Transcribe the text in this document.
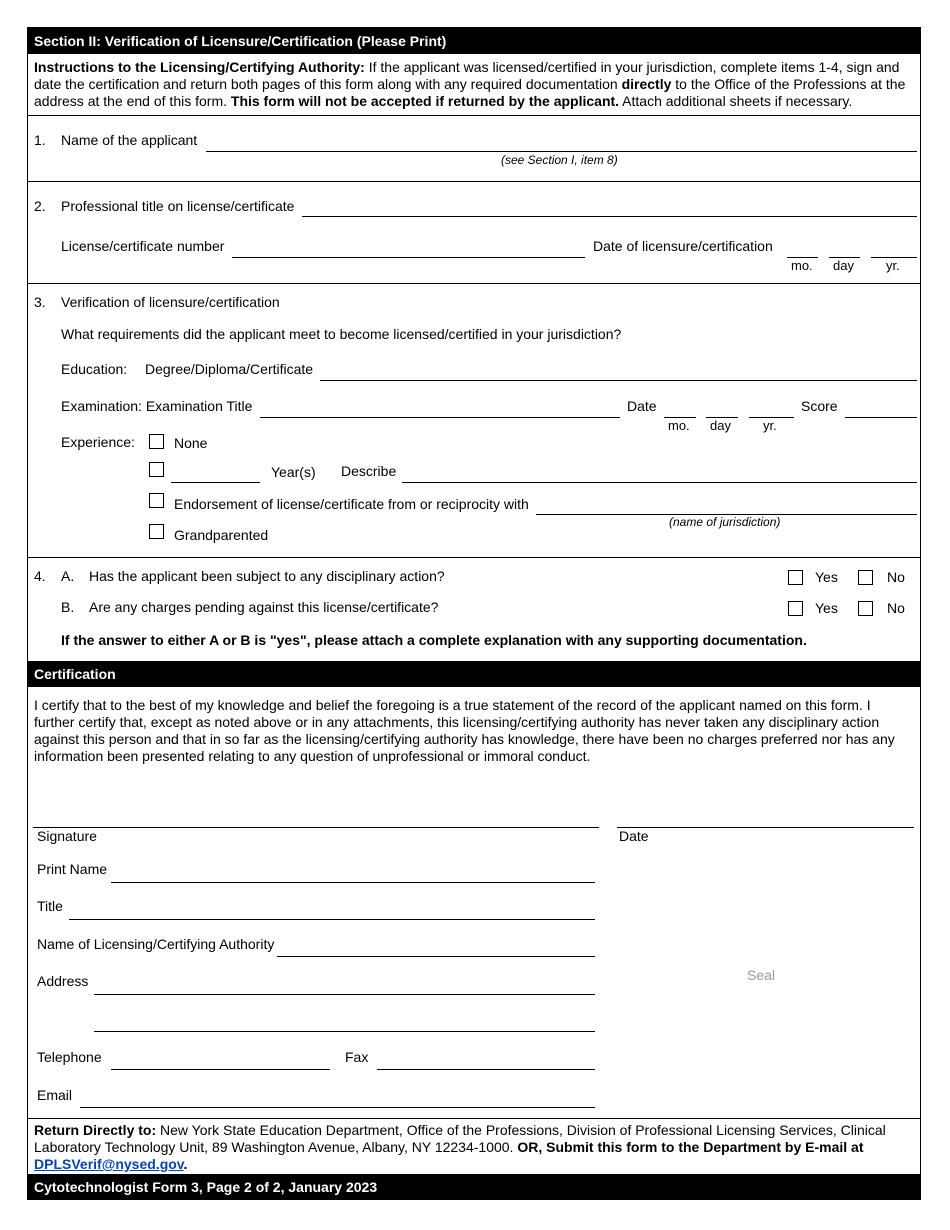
Section II: Verification of Licensure/Certification (Please Print)
Instructions to the Licensing/Certifying Authority: If the applicant was licensed/certified in your jurisdiction, complete items 1-4, sign and date the certification and return both pages of this form along with any required documentation directly to the Office of the Professions at the address at the end of this form. This form will not be accepted if returned by the applicant. Attach additional sheets if necessary.
1. Name of the applicant
(see Section I, item 8)
2. Professional title on license/certificate
License/certificate number	Date of licensure/certification
mo. day yr.
3. Verification of licensure/certification
What requirements did the applicant meet to become licensed/certified in your jurisdiction?
Education: Degree/Diploma/Certificate
Examination: Examination Title	Date
mo. day yr.
Score
Experience:	None
Year(s) Describe
Endorsement of license/certificate from or reciprocity with
(name of jurisdiction)
Grandparented
4. A. Has the applicant been subject to any disciplinary action?	Yes	No
B. Are any charges pending against this license/certificate?	Yes	No
If the answer to either A or B is "yes", please attach a complete explanation with any supporting documentation.
Certification
I certify that to the best of my knowledge and belief the foregoing is a true statement of the record of the applicant named on this form. I further certify that, except as noted above or in any attachments, this licensing/certifying authority has never taken any disciplinary action against this person and that in so far as the licensing/certifying authority has knowledge, there have been no charges preferred nor has any information been presented relating to any question of unprofessional or immoral conduct.
Signature	Date
Print Name
Title
Name of Licensing/Certifying Authority
Address	Seal
Telephone	Fax
Email
Return Directly to: New York State Education Department, Office of the Professions, Division of Professional Licensing Services, Clinical Laboratory Technology Unit, 89 Washington Avenue, Albany, NY 12234-1000. OR, Submit this form to the Department by E-mail at DPLSVerif@nysed.gov.
Cytotechnologist Form 3, Page 2 of 2, January 2023
